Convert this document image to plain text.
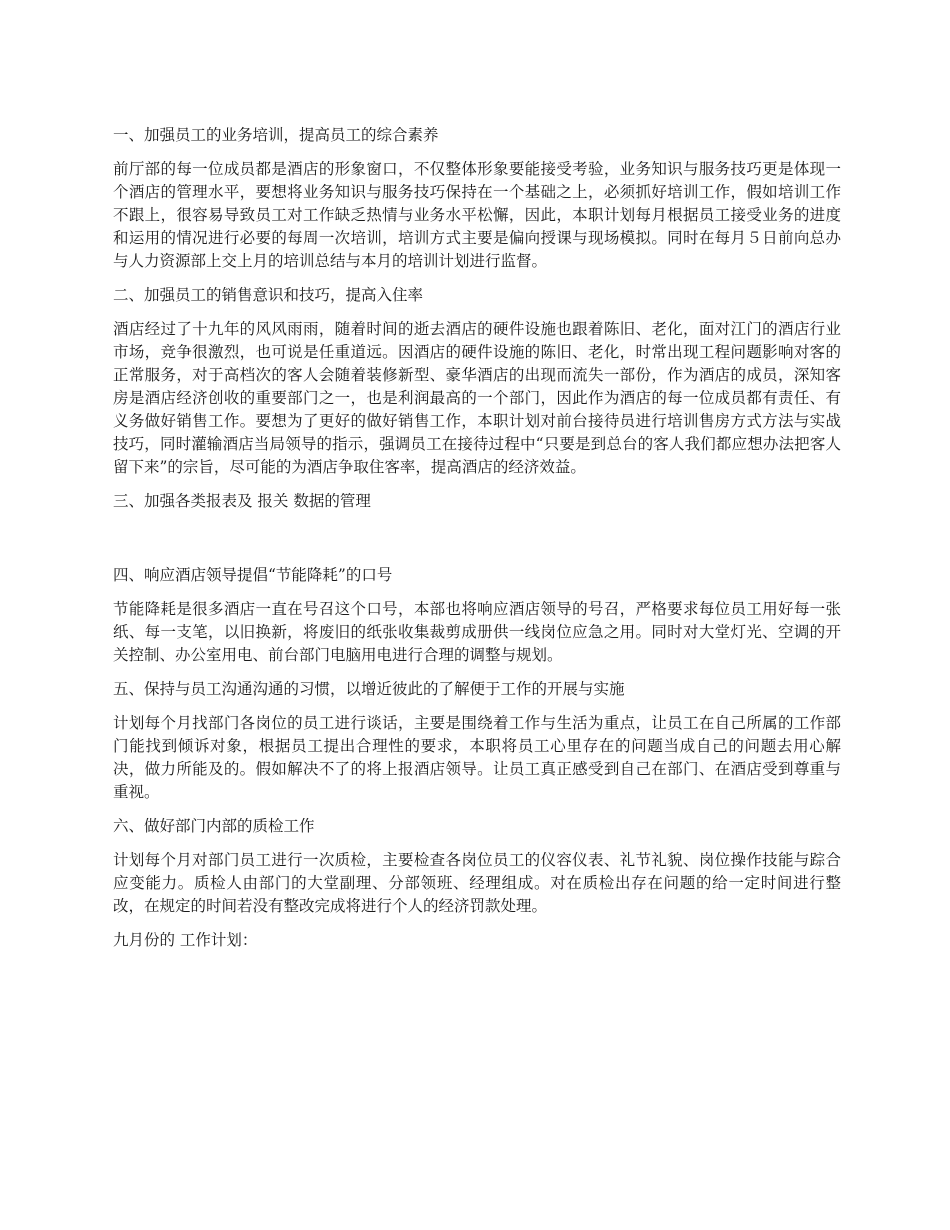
一、加强员工的业务培训，提高员工的综合素养
前厅部的每一位成员都是酒店的形象窗口，不仅整体形象要能接受考验，业务知识与服务技巧更是体现一个酒店的管理水平，要想将业务知识与服务技巧保持在一个基础之上，必须抓好培训工作，假如培训工作不跟上，很容易导致员工对工作缺乏热情与业务水平松懈，因此，本职计划每月根据员工接受业务的进度和运用的情况进行必要的每周一次培训，培训方式主要是偏向授课与现场模拟。同时在每月５日前向总办与人力资源部上交上月的培训总结与本月的培训计划进行监督。
二、加强员工的销售意识和技巧，提高入住率
酒店经过了十九年的风风雨雨，随着时间的逝去酒店的硬件设施也跟着陈旧、老化，面对江门的酒店行业市场，竞争很激烈，也可说是任重道远。因酒店的硬件设施的陈旧、老化，时常出现工程问题影响对客的正常服务，对于高档次的客人会随着装修新型、豪华酒店的出现而流失一部份，作为酒店的成员，深知客房是酒店经济创收的重要部门之一，也是利润最高的一个部门，因此作为酒店的每一位成员都有责任、有义务做好销售工作。要想为了更好的做好销售工作，本职计划对前台接待员进行培训售房方式方法与实战技巧，同时灌输酒店当局领导的指示，强调员工在接待过程中“只要是到总台的客人我们都应想办法把客人留下来”的宗旨，尽可能的为酒店争取住客率，提高酒店的经济效益。
三、加强各类报表及 报关 数据的管理
四、响应酒店领导提倡“节能降耗”的口号
节能降耗是很多酒店一直在号召这个口号，本部也将响应酒店领导的号召，严格要求每位员工用好每一张纸、每一支笔，以旧换新，将废旧的纸张收集裁剪成册供一线岗位应急之用。同时对大堂灯光、空调的开关控制、办公室用电、前台部门电脑用电进行合理的调整与规划。
五、保持与员工沟通沟通的习惯，以增近彼此的了解便于工作的开展与实施
计划每个月找部门各岗位的员工进行谈话，主要是围绕着工作与生活为重点，让员工在自己所属的工作部门能找到倾诉对象，根据员工提出合理性的要求，本职将员工心里存在的问题当成自己的问题去用心解决，做力所能及的。假如解决不了的将上报酒店领导。让员工真正感受到自己在部门、在酒店受到尊重与重视。
六、做好部门内部的质检工作
计划每个月对部门员工进行一次质检，主要检查各岗位员工的仪容仪表、礼节礼貌、岗位操作技能与踪合应变能力。质检人由部门的大堂副理、分部领班、经理组成。对在质检出存在问题的给一定时间进行整改，在规定的时间若没有整改完成将进行个人的经济罚款处理。
九月份的 工作计划：
